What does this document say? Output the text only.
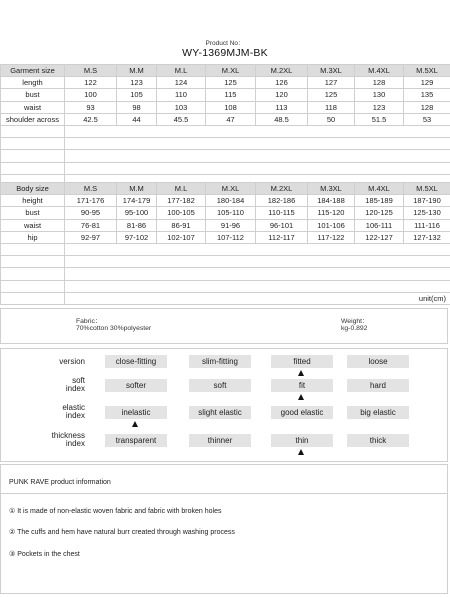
Product No：
WY-1369MJM-BK
Garment size	M.S	M.M	M.L	M.XL	M.2XL	M.3XL	M.4XL	M.5XL
length	122	123	124	125	126	127	128	129
bust	100	105	110	115	120	125	130	135
waist	93	98	103	108	113	118	123	128
shoulder across	42.5	44	45.5	47	48.5	50	51.5	53

Body size	M.S	M.M	M.L	M.XL	M.2XL	M.3XL	M.4XL	M.5XL
height	171-176	174-179	177-182	180-184	182-186	184-188	185-189	187-190
bust	90-95	95-100	100-105	105-110	110-115	115-120	120-125	125-130
waist	76-81	81-86	86-91	91-96	96-101	101-106	106-111	111-116
hip	92-97	97-102	102-107	107-112	112-117	117-122	122-127	127-132

	unit(cm)							
Fabric：
70%cotton 30%polyester
Weight：
kg-0.892
version	close-fitting	slim-fitting	fitted	loose
soft
index	softer	soft	fit	hard
elastic
index	inelastic	slight elastic	good elastic	big elastic
thickness
index	transparent	thinner	thin	thick
PUNK RAVE product information
① It is made of non-elastic woven fabric and fabric with broken holes
② The cuffs and hem have natural burr created through washing process
③ Pockets in the chest
